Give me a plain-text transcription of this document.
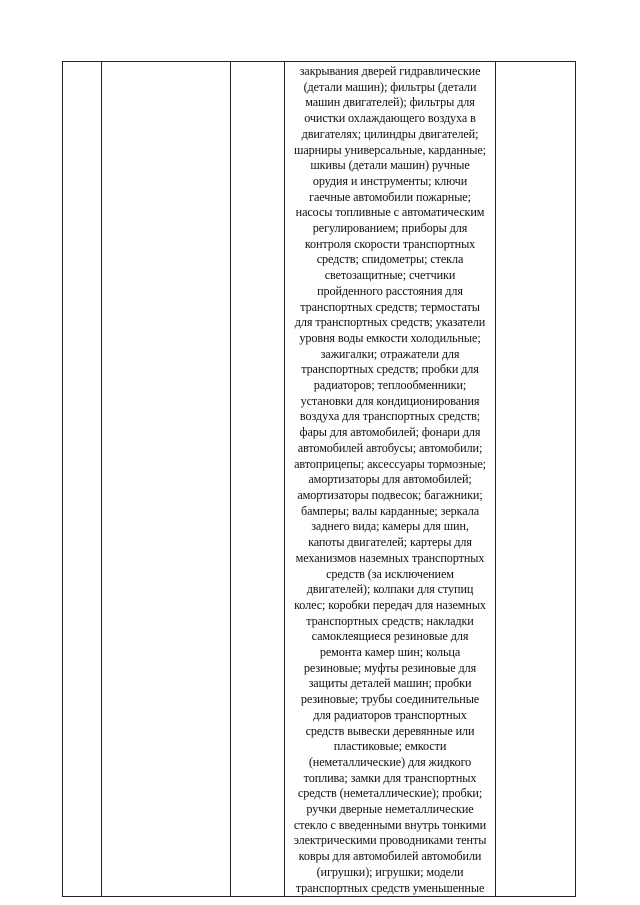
закрывания дверей гидравлические
(детали машин); фильтры (детали
машин двигателей); фильтры для
очистки охлаждающего воздуха в
двигателях; цилиндры двигателей;
шарниры универсальные, карданные;
шкивы (детали машин) ручные
орудия и инструменты; ключи
гаечные автомобили пожарные;
насосы топливные с автоматическим
регулированием; приборы для
контроля скорости транспортных
средств; спидометры; стекла
светозащитные; счетчики
пройденного расстояния для
транспортных средств; термостаты
для транспортных средств; указатели
уровня воды емкости холодильные;
зажигалки; отражатели для
транспортных средств; пробки для
радиаторов; теплообменники;
установки для кондиционирования
воздуха для транспортных средств;
фары для автомобилей; фонари для
автомобилей автобусы; автомобили;
автоприцепы; аксессуары тормозные;
амортизаторы для автомобилей;
амортизаторы подвесок; багажники;
бамперы; валы карданные; зеркала
заднего вида; камеры для шин,
капоты двигателей; картеры для
механизмов наземных транспортных
средств (за исключением
двигателей); колпаки для ступиц
колес; коробки передач для наземных
транспортных средств; накладки
самоклеящиеся резиновые для
ремонта камер шин; кольца
резиновые; муфты резиновые для
защиты деталей машин; пробки
резиновые; трубы соединительные
для радиаторов транспортных
средств вывески деревянные или
пластиковые; емкости
(неметаллические) для жидкого
топлива; замки для транспортных
средств (неметаллические); пробки;
ручки дверные неметаллические
стекло с введенными внутрь тонкими
электрическими проводниками тенты
ковры для автомобилей автомобили
(игрушки); игрушки; модели
транспортных средств уменьшенные
